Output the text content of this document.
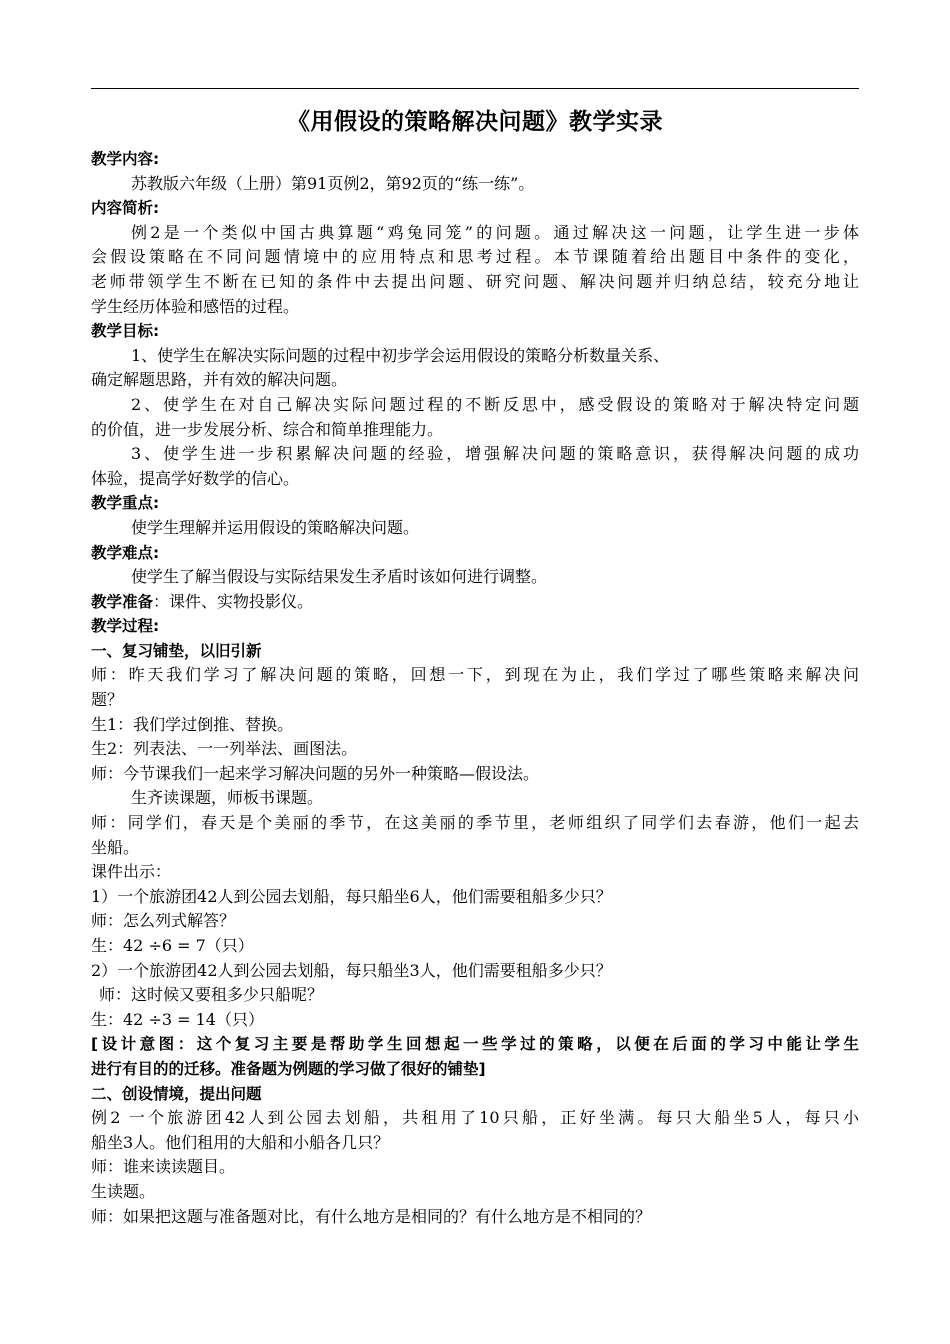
《用假设的策略解决问题》教学实录
教学内容:
苏教版六年级（上册）第91页例2，第92页的“练一练”。
内容简析:
例2是一个类似中国古典算题“鸡兔同笼”的问题。通过解决这一问题，让学生进一步体
会假设策略在不同问题情境中的应用特点和思考过程。本节课随着给出题目中条件的变化，
老师带领学生不断在已知的条件中去提出问题、研究问题、解决问题并归纳总结，较充分地让
学生经历体验和感悟的过程。
教学目标:
1、使学生在解决实际问题的过程中初步学会运用假设的策略分析数量关系、
确定解题思路，并有效的解决问题。
2、使学生在对自己解决实际问题过程的不断反思中，感受假设的策略对于解决特定问题
的价值，进一步发展分析、综合和简单推理能力。
3、使学生进一步积累解决问题的经验，增强解决问题的策略意识，获得解决问题的成功
体验，提高学好数学的信心。
教学重点:
使学生理解并运用假设的策略解决问题。
教学难点:
使学生了解当假设与实际结果发生矛盾时该如何进行调整。
教学准备：课件、实物投影仪。
教学过程:
一、复习铺垫，以旧引新
师：昨天我们学习了解决问题的策略，回想一下，到现在为止，我们学过了哪些策略来解决问
题？
生1：我们学过倒推、替换。
生2：列表法、一一列举法、画图法。
师：今节课我们一起来学习解决问题的另外一种策略—假设法。
生齐读课题，师板书课题。
师：同学们，春天是个美丽的季节，在这美丽的季节里，老师组织了同学们去春游，他们一起去
坐船。
课件出示：
1）一个旅游团42人到公园去划船，每只船坐6人，他们需要租船多少只？
师：怎么列式解答？
生：42 ÷6 = 7（只）
2）一个旅游团42人到公园去划船，每只船坐3人，他们需要租船多少只？
师：这时候又要租多少只船呢？
生：42 ÷3 = 14（只）
[设计意图：这个复习主要是帮助学生回想起一些学过的策略，以便在后面的学习中能让学生
进行有目的的迁移。准备题为例题的学习做了很好的铺垫]
二、创设情境，提出问题
例2 一个旅游团42人到公园去划船，共租用了10只船，正好坐满。每只大船坐5人，每只小
船坐3人。他们租用的大船和小船各几只？
师：谁来读读题目。
生读题。
师：如果把这题与准备题对比，有什么地方是相同的？有什么地方是不相同的？
